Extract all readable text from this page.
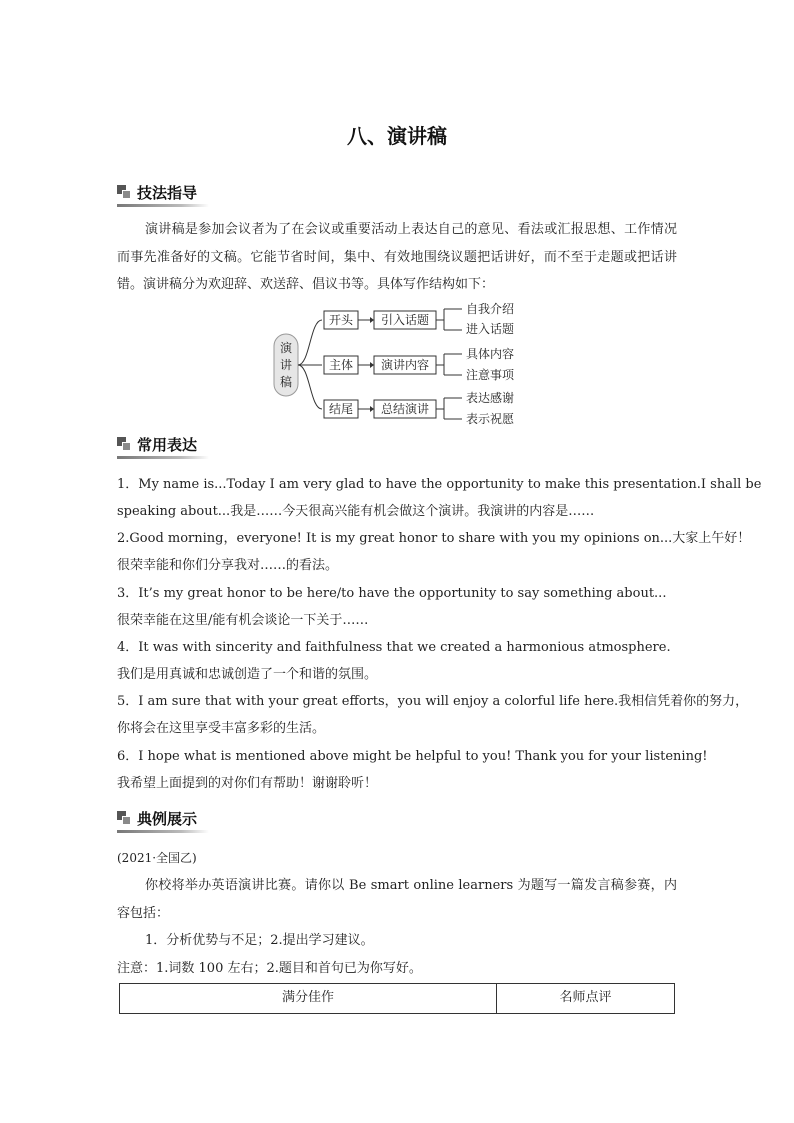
八、演讲稿
技法指导

演讲稿是参加会议者为了在会议或重要活动上表达自己的意见、看法或汇报思想、工作情况而事先准备好的文稿。它能节省时间，集中、有效地围绕议题把话讲好，而不至于走题或把话讲错。演讲稿分为欢迎辞、欢送辞、倡议书等。具体写作结构如下：

演
讲
稿
开头 引入话题
自我介绍
进入话题
主体 演讲内容
具体内容
注意事项
结尾 总结演讲
表达感谢
表示祝愿
常用表达
1．My name is...Today I am very glad to have the opportunity to make this presentation.I shall be
speaking about...我是……今天很高兴能有机会做这个演讲。我演讲的内容是……
2.Good morning，everyone! It is my great honor to share with you my opinions on...大家上午好！
很荣幸能和你们分享我对……的看法。
3．It’s my great honor to be here/to have the opportunity to say something about...
很荣幸能在这里/能有机会谈论一下关于……
4．It was with sincerity and faithfulness that we created a harmonious atmosphere.
我们是用真诚和忠诚创造了一个和谐的氛围。
5．I am sure that with your great efforts，you will enjoy a colorful life here.我相信凭着你的努力，
你将会在这里享受丰富多彩的生活。
6．I hope what is mentioned above might be helpful to you! Thank you for your listening!
我希望上面提到的对你们有帮助！谢谢聆听！
典例展示
(2021·全国乙)

你校将举办英语演讲比赛。请你以 Be smart online learners 为题写一篇发言稿参赛，内容包括：

1．分析优势与不足；2.提出学习建议。
注意：1.词数 100 左右；2.题目和首句已为你写好。
满分佳作	名师点评
